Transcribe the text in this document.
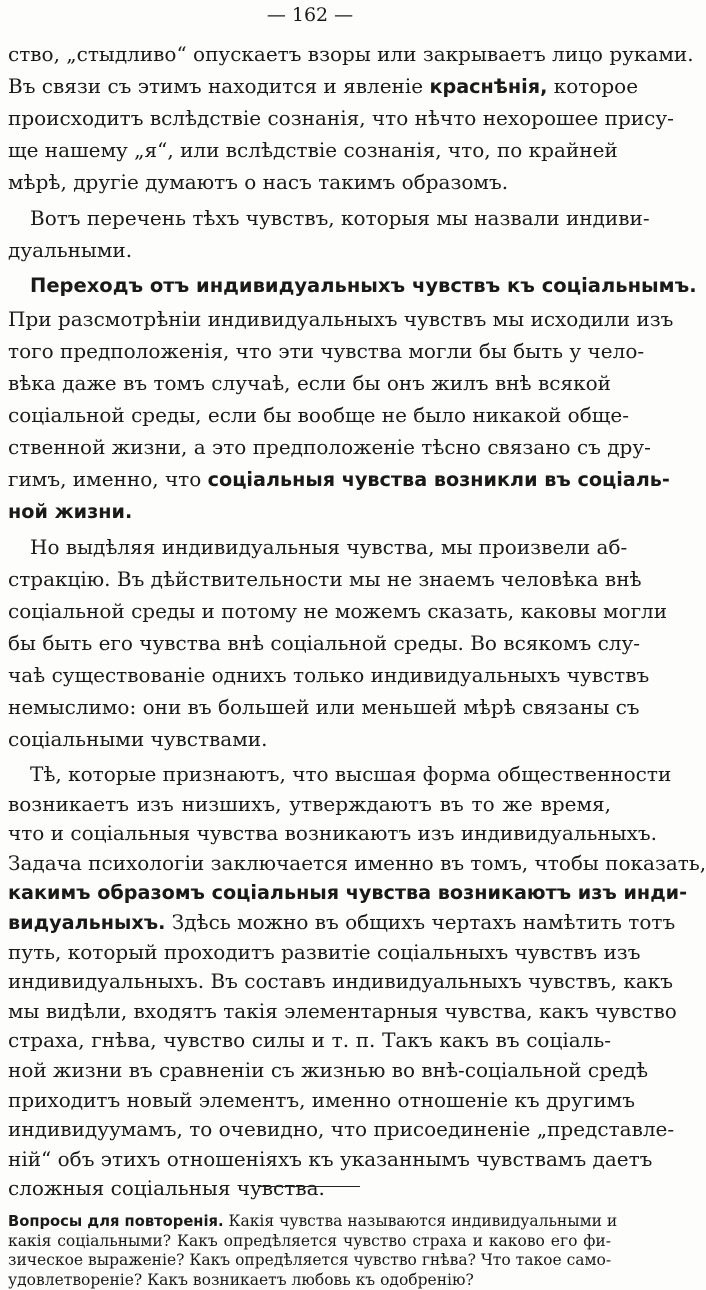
— 162 —
ство, „стыдливо“ опускаетъ взоры или закрываетъ лицо руками.
Въ связи съ этимъ находится и явленіе краснѣнія, которое
происходитъ вслѣдствіе сознанія, что нѣчто нехорошее прису-
ще нашему „я“, или вслѣдствіе сознанія, что, по крайней
мѣрѣ, другіе думаютъ о насъ такимъ образомъ.
Вотъ перечень тѣхъ чувствъ, которыя мы назвали индиви-
дуальными.
Переходъ отъ индивидуальныхъ чувствъ къ соціальнымъ.
При разсмотрѣніи индивидуальныхъ чувствъ мы исходили изъ
того предположенія, что эти чувства могли бы быть у чело-
вѣка даже въ томъ случаѣ, если бы онъ жилъ внѣ всякой
соціальной среды, если бы вообще не было никакой обще-
ственной жизни, а это предположеніе тѣсно связано съ дру-
гимъ, именно, что соціальныя чувства возникли въ соціаль-
ной жизни.
Но выдѣляя индивидуальныя чувства, мы произвели аб-
стракцію. Въ дѣйствительности мы не знаемъ человѣка внѣ
соціальной среды и потому не можемъ сказать, каковы могли
бы быть его чувства внѣ соціальной среды. Во всякомъ слу-
чаѣ существованіе однихъ только индивидуальныхъ чувствъ
немыслимо: они въ большей или меньшей мѣрѣ связаны съ
соціальными чувствами.
Тѣ, которые признаютъ, что высшая форма общественности
возникаетъ изъ низшихъ, утверждаютъ въ то же время,
что и соціальныя чувства возникаютъ изъ индивидуальныхъ.
Задача психологіи заключается именно въ томъ, чтобы показать,
какимъ образомъ соціальныя чувства возникаютъ изъ инди-
видуальныхъ. Здѣсь можно въ общихъ чертахъ намѣтить тотъ
путь, который проходитъ развитіе соціальныхъ чувствъ изъ
индивидуальныхъ. Въ составъ индивидуальныхъ чувствъ, какъ
мы видѣли, входятъ такія элементарныя чувства, какъ чувство
страха, гнѣва, чувство силы и т. п. Такъ какъ въ соціаль-
ной жизни въ сравненіи съ жизнью во внѣ-соціальной средѣ
приходитъ новый элементъ, именно отношеніе къ другимъ
индивидуумамъ, то очевидно, что присоединеніе „представле-
ній“ объ этихъ отношеніяхъ къ указаннымъ чувствамъ даетъ
сложныя соціальныя чувства.
Вопросы для повторенія. Какія чувства называются индивидуальными и
какія соціальными? Какъ опредѣляется чувство страха и каково его фи-
зическое выраженіе? Какъ опредѣляется чувство гнѣва? Что такое само-
удовлетвореніе? Какъ возникаетъ любовь къ одобренію?
